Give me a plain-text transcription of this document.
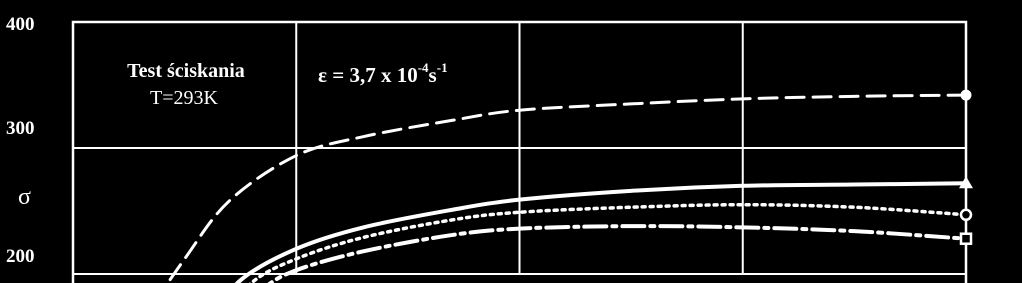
400
300
200
σ
Test ściskania
T=293K
ε = 3,7 x $10^{-4}s^{-1}$
